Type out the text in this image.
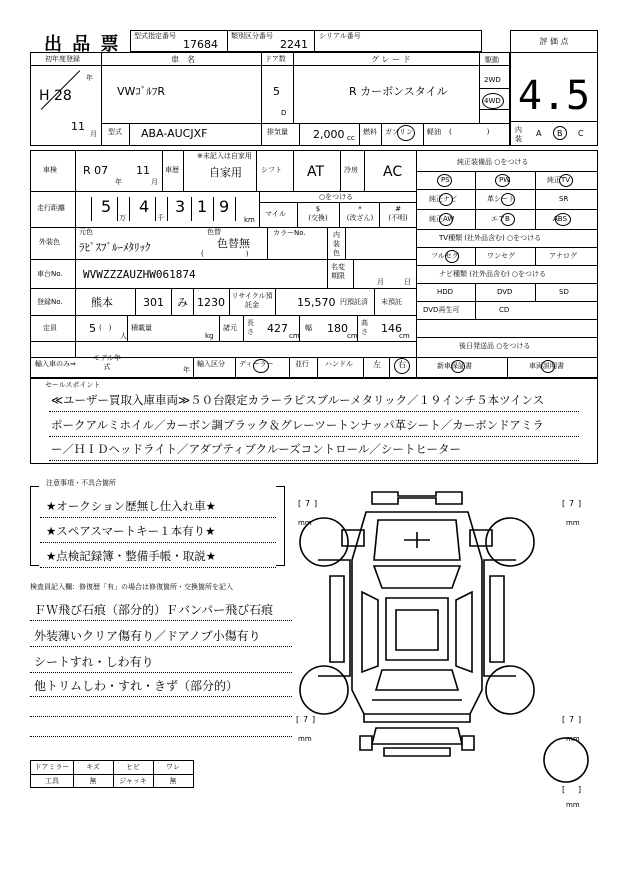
出 品 票 型式指定番号
17684
類別区分番号
2241
シリアル番号
評 価 点
4.5
内
装
A B C
初年度登録
H 28
年
11
月
車　名
VWｺﾞﾙﾌR
ドア数
5
D
グ レ ー ド
R カーボンスタイル
駆動
2WD
4WD
型式 ABA-AUCJXF	排気量 2,000 cc
燃料 ガソリン 軽油 (　　　　　)
車検 R 07
年
11
月
車歴
※未記入は自家用
自家用	シフト AT	冷房 AC
走行距離 5
万
4
千
3 1 9
km
○をつける
マイル
$
(交換)
*
(改ざん)
#
(不明)
外装色
元色
ﾗﾋﾟｽﾌﾞﾙｰﾒﾀﾘｯｸ
色替
色替無
(　　　　　　)
カラーNo.	内装色
車台No. WVWZZZAUZHW061874
名変期限
月	日
登録No.	熊本	301 み 1230 リサイクル預託金	15,570 円預託済 未預託
定員	5 (　)
人
積載量
kg
諸元
長さ 427
cm
幅 180
cm
高さ 146
cm
輸入車のみ⇒
モデル年式	年
輸入区分 ディーラー	並行 ハンドル	左 右
純正装備品 ○をつける
PS	PW	純正TV
純正ナビ	革シート	SR
純正AW	エアB	ABS
TV種類 (社外品含む) ○をつける
フルセグ	ワンセグ	アナログ
ナビ種類 (社外品含む) ○をつける
HDD	DVD	SD
DVD再生可	CD
後日発送品 ○をつける
新車保証書	車両説明書
セールスポイント
≪ユーザー買取入庫車両≫５０台限定カラーラピスブルーメタリック／１９インチ５本ツインス
ポークアルミホイル／カーボン調ブラック＆グレーツートンナッパ革シート／カーボンドアミラ
ー／ＨＩＤヘッドライト／アダプティブクルーズコントロール／シートヒーター
注意事項・不具合箇所
★オークション歴無し仕入れ車★
★スペアスマートキー１本有り★
★点検記録簿・整備手帳・取説★
検査員記入欄：修復歴「有」の場合は修復箇所・交換箇所を記入
ＦＷ飛び石痕（部分的）Ｆバンパー飛び石痕
外装薄いクリア傷有り／ドアノブ小傷有り
シートすれ・しわ有り
他トリムしわ・すれ・きず（部分的）
ドアミラー	キズ	ヒビ	ワレ
工具	無	ジャッキ	無
[ 7 ]
mm
[ 7 ]
mm
[ 7 ]
mm
[ 7 ]
mm
[ ]
mm
